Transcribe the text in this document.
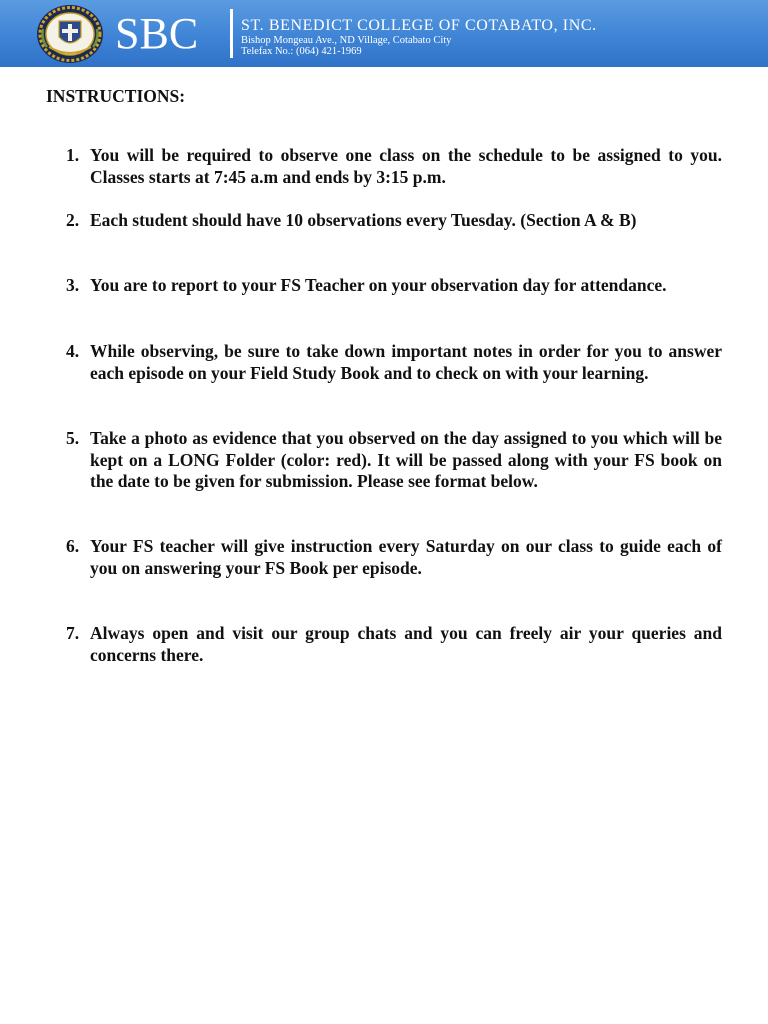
SBC	ST. BENEDICT COLLEGE OF COTABATO, INC.
Bishop Mongeau Ave., ND Village, Cotabato City
Telefax No.: (064) 421-1969
INSTRUCTIONS:
1. You will be required to observe one class on the schedule to be assigned to you. Classes starts at 7:45 a.m and ends by 3:15 p.m.
2. Each student should have 10 observations every Tuesday. (Section A & B)
3. You are to report to your FS Teacher on your observation day for attendance.
4. While observing, be sure to take down important notes in order for you to answer each episode on your Field Study Book and to check on with your learning.
5. Take a photo as evidence that you observed on the day assigned to you which will be kept on a LONG Folder (color: red). It will be passed along with your FS book on the date to be given for submission. Please see format below.
6. Your FS teacher will give instruction every Saturday on our class to guide each of you on answering your FS Book per episode.
7. Always open and visit our group chats and you can freely air your queries and concerns there.
